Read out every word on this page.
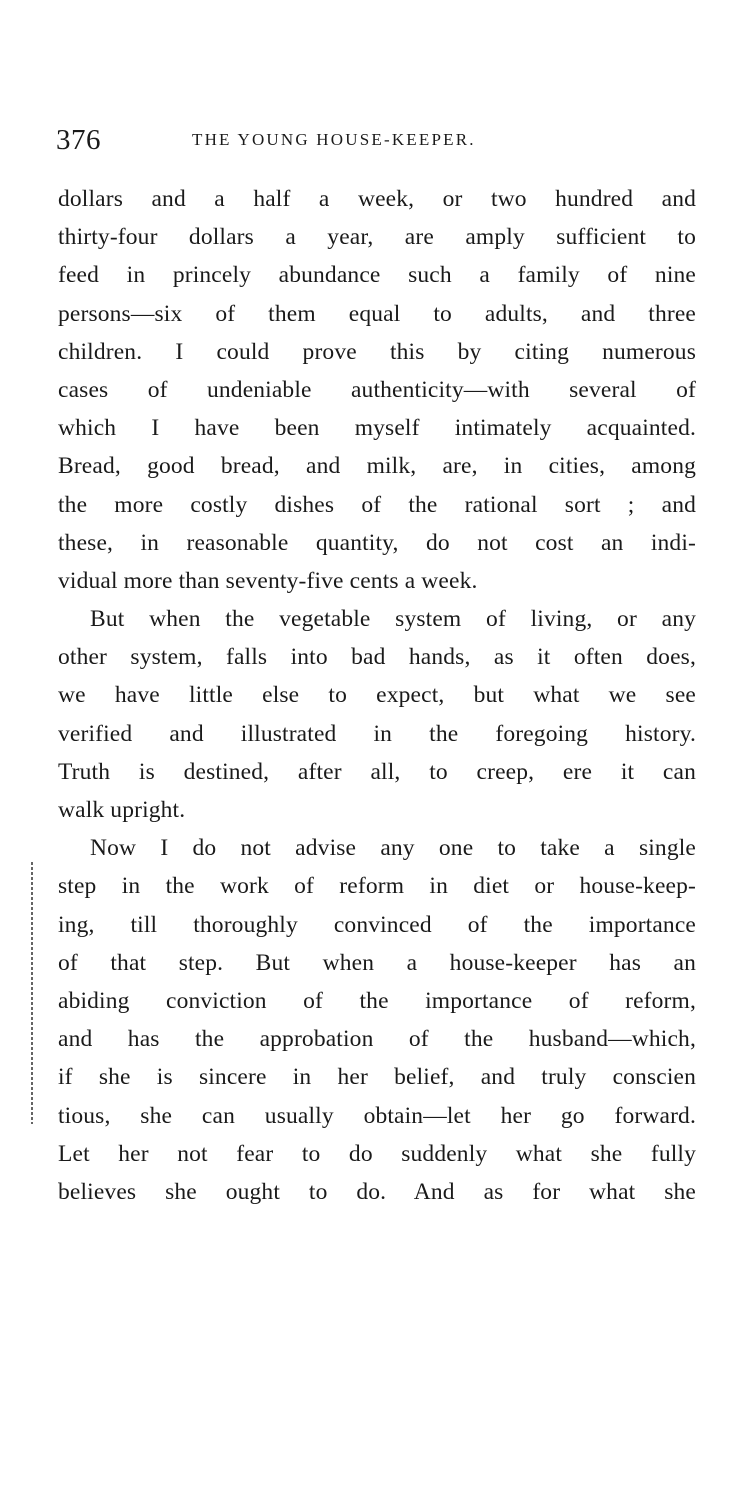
376	THE YOUNG HOUSE-KEEPER.
dollars and a half a week, or two hundred and
thirty-four dollars a year, are amply sufficient to
feed in princely abundance such a family of nine
persons—six of them equal to adults, and three
children. I could prove this by citing numerous
cases of undeniable authenticity—with several of
which I have been myself intimately acquainted.
Bread, good bread, and milk, are, in cities, among
the more costly dishes of the rational sort ; and
these, in reasonable quantity, do not cost an indi-
vidual more than seventy-five cents a week.
But when the vegetable system of living, or any
other system, falls into bad hands, as it often does,
we have little else to expect, but what we see
verified and illustrated in the foregoing history.
Truth is destined, after all, to creep, ere it can
walk upright.
Now I do not advise any one to take a single
step in the work of reform in diet or house-keep-
ing, till thoroughly convinced of the importance
of that step. But when a house-keeper has an
abiding conviction of the importance of reform,
and has the approbation of the husband—which,
if she is sincere in her belief, and truly conscien
tious, she can usually obtain—let her go forward.
Let her not fear to do suddenly what she fully
believes she ought to do. And as for what she
